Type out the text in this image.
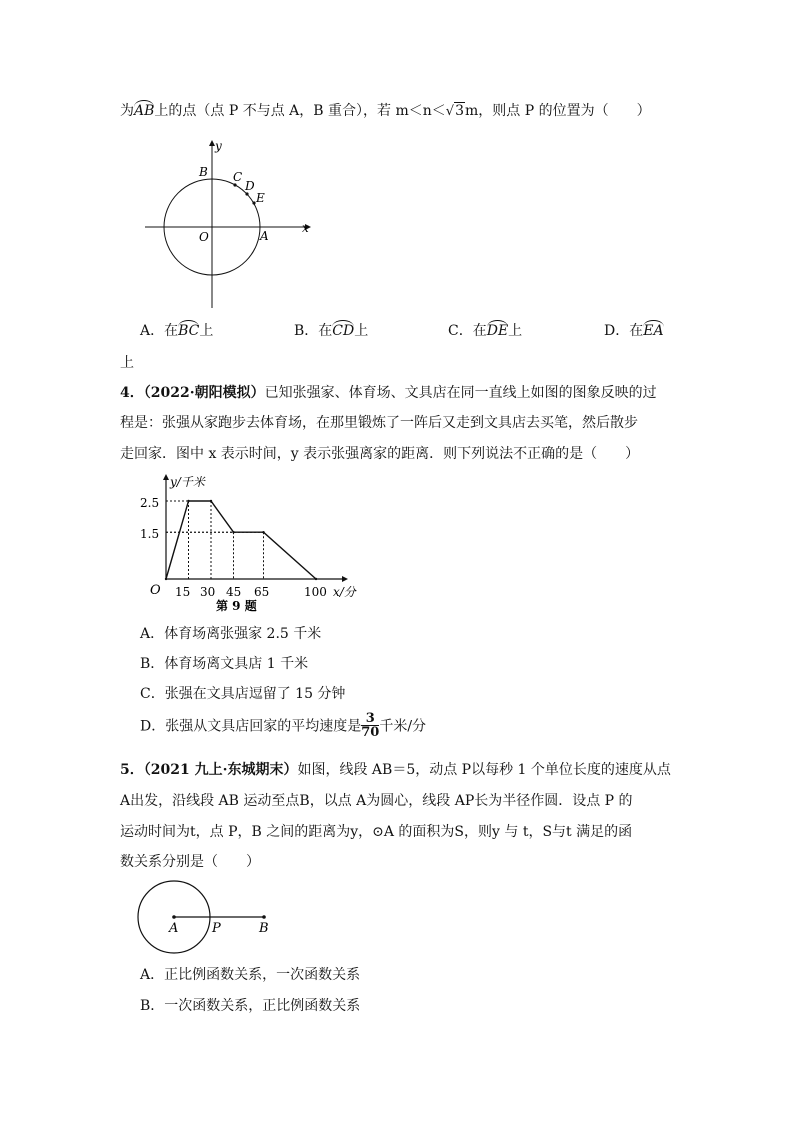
为AB上的点（点 P 不与点 A，B 重合），若 m＜n＜√3m，则点 P 的位置为（　　）
y
x
B C
D
E
O	A
A．在BC上	B．在CD上	C．在DE上	D．在EA
上
4．（2022·朝阳模拟）已知张强家、体育场、文具店在同一直线上如图的图象反映的过
程是：张强从家跑步去体育场，在那里锻炼了一阵后又走到文具店去买笔，然后散步
走回家．图中 x 表示时间，y 表示张强离家的距离．则下列说法不正确的是（　　）
y/千米
x/分
O
2.5
1.5
15 30 45 65	100
第 9 题
A．体育场离张强家 2.5 千米
B．体育场离文具店 1 千米
C．张强在文具店逗留了 15 分钟
D．张强从文具店回家的平均速度是 $\frac{3}{70}$ 千米/分
5．（2021 九上·东城期末）如图，线段 AB＝5，动点 P以每秒 1 个单位长度的速度从点
A出发，沿线段 AB 运动至点B，以点 A为圆心，线段 AP长为半径作圆．设点 P 的
运动时间为t，点 P，B 之间的距离为y，⊙A 的面积为S，则y 与 t，S与t 满足的函
数关系分别是（　　）
A	P	B
A．正比例函数关系，一次函数关系
B．一次函数关系，正比例函数关系
